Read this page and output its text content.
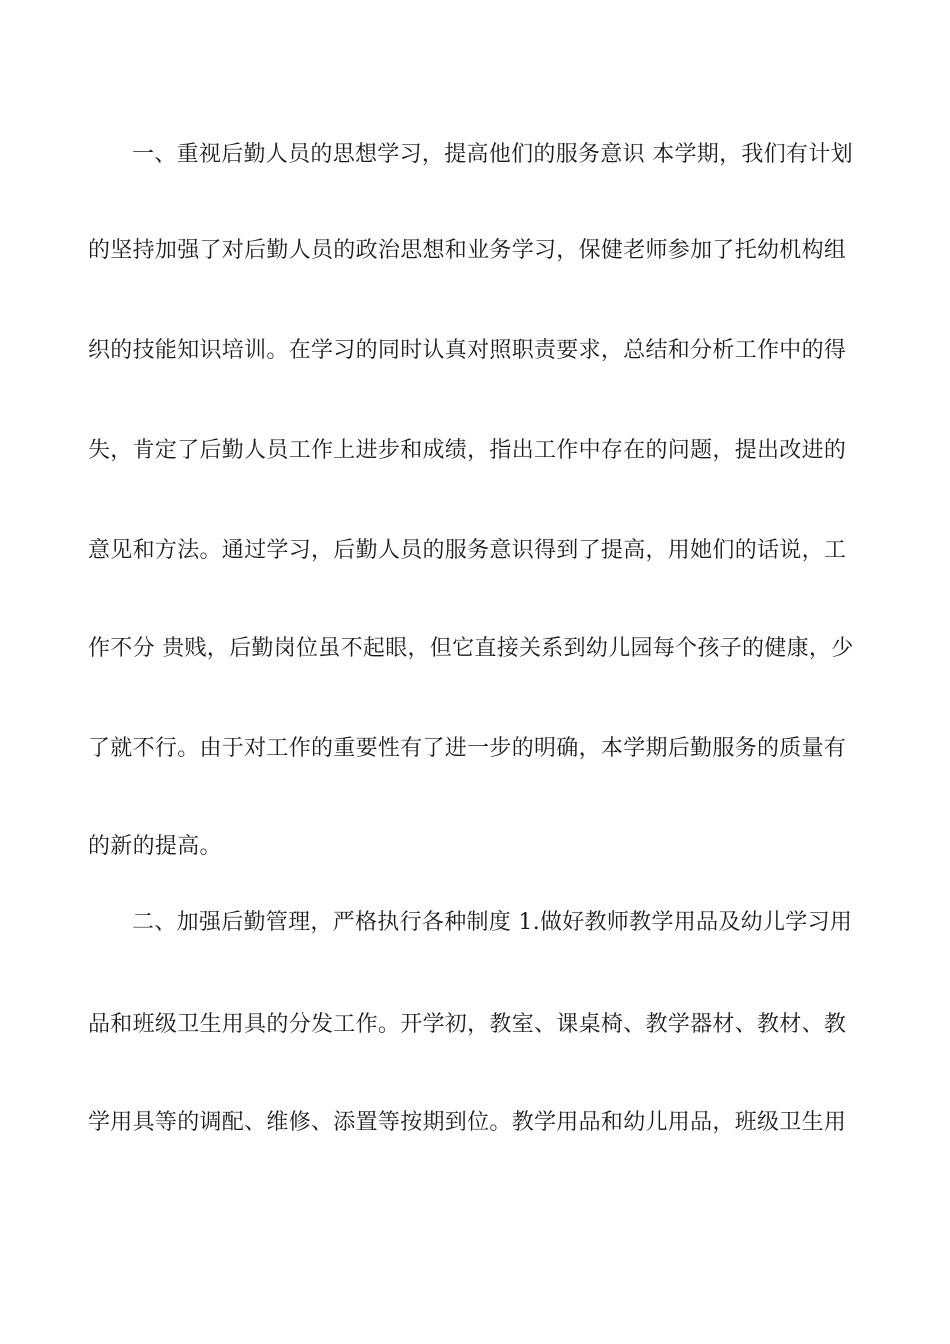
一、重视后勤人员的思想学习，提高他们的服务意识 本学期，我们有计划
的坚持加强了对后勤人员的政治思想和业务学习，保健老师参加了托幼机构组
织的技能知识培训。在学习的同时认真对照职责要求，总结和分析工作中的得
失，肯定了后勤人员工作上进步和成绩，指出工作中存在的问题，提出改进的
意见和方法。通过学习，后勤人员的服务意识得到了提高，用她们的话说，工
作不分 贵贱，后勤岗位虽不起眼，但它直接关系到幼儿园每个孩子的健康，少
了就不行。由于对工作的重要性有了进一步的明确，本学期后勤服务的质量有
的新的提高。
二、加强后勤管理，严格执行各种制度 1.做好教师教学用品及幼儿学习用
品和班级卫生用具的分发工作。开学初，教室、课桌椅、教学器材、教材、教
学用具等的调配、维修、添置等按期到位。教学用品和幼儿用品，班级卫生用
